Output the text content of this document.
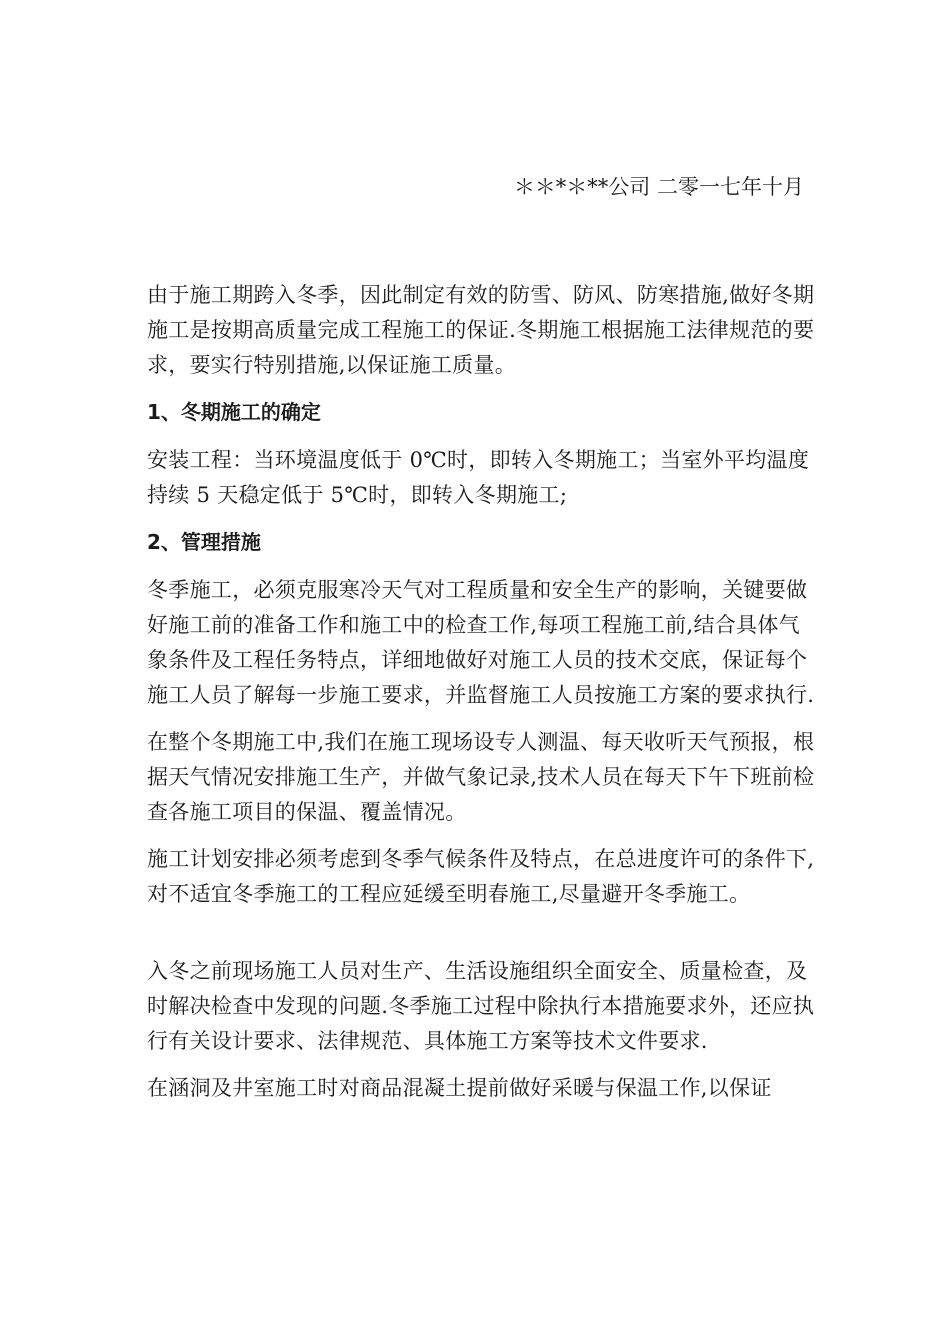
＊＊*＊**公司 二零一七年十月

由于施工期跨入冬季，因此制定有效的防雪、防风、防寒措施,做好冬期施工是按期高质量完成工程施工的保证.冬期施工根据施工法律规范的要求，要实行特别措施,以保证施工质量。

1、冬期施工的确定

安装工程：当环境温度低于 0℃时，即转入冬期施工；当室外平均温度持续 5 天稳定低于 5℃时，即转入冬期施工;

2、管理措施

冬季施工，必须克服寒冷天气对工程质量和安全生产的影响，关键要做好施工前的准备工作和施工中的检查工作,每项工程施工前,结合具体气象条件及工程任务特点，详细地做好对施工人员的技术交底，保证每个施工人员了解每一步施工要求，并监督施工人员按施工方案的要求执行.

在整个冬期施工中,我们在施工现场设专人测温、每天收听天气预报，根据天气情况安排施工生产，并做气象记录,技术人员在每天下午下班前检查各施工项目的保温、覆盖情况。

施工计划安排必须考虑到冬季气候条件及特点，在总进度许可的条件下,对不适宜冬季施工的工程应延缓至明春施工,尽量避开冬季施工。

入冬之前现场施工人员对生产、生活设施组织全面安全、质量检查，及时解决检查中发现的问题.冬季施工过程中除执行本措施要求外，还应执行有关设计要求、法律规范、具体施工方案等技术文件要求.

在涵洞及井室施工时对商品混凝土提前做好采暖与保温工作,以保证
